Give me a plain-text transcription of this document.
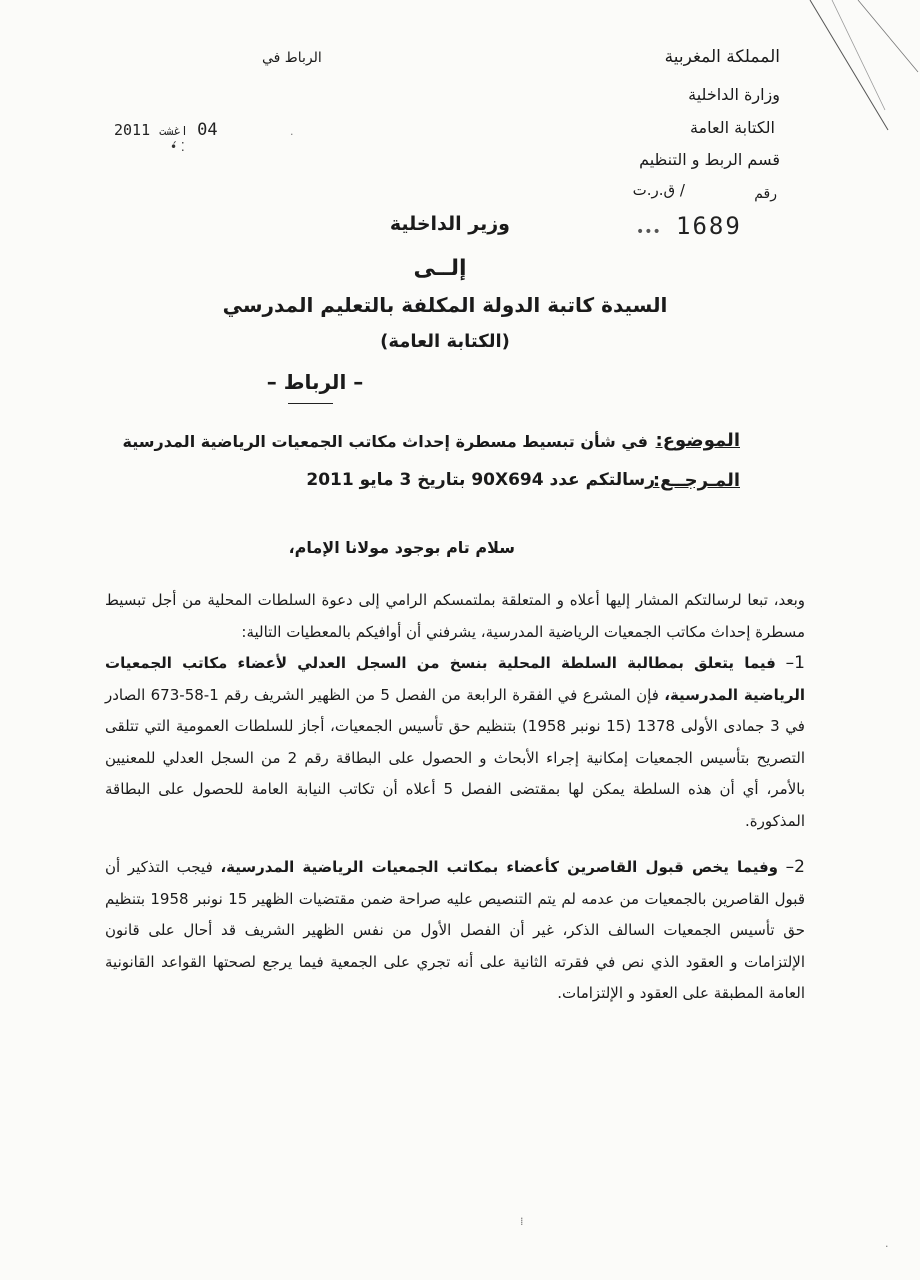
المملكة المغربية
وزارة الداخلية
الكتابة العامة
قسم الربط و التنظيم
رقم
/ ق.ر.ت
••• 1689
الرباط في
2011 اغشت 04
•́ ⁚
·
وزير الداخلية
إلــى
السيدة كاتبة الدولة المكلفة بالتعليم المدرسي
(الكتابة العامة)
– الرباط –
الموضوع:
في شأن تبسيط مسطرة إحداث مكاتب الجمعيات الرياضية المدرسية
المـرجــع:
رسالتكم عدد 90X694 بتاريخ 3 مايو 2011
سلام تام بوجود مولانا الإمام،
وبعد، تبعا لرسالتكم المشار إليها أعلاه و المتعلقة بملتمسكم الرامي إلى دعوة السلطات المحلية من أجل تبسيط مسطرة إحداث مكاتب الجمعيات الرياضية المدرسية، يشرفني أن أوافيكم بالمعطيات التالية:
1– فيما يتعلق بمطالبة السلطة المحلية بنسخ من السجل العدلي لأعضاء مكاتب الجمعيات الرياضية المدرسية، فإن المشرع في الفقرة الرابعة من الفصل 5 من الظهير الشريف رقم 1-58-673 الصادر في 3 جمادى الأولى 1378 (15 نونبر 1958) بتنظيم حق تأسيس الجمعيات، أجاز للسلطات العمومية التي تتلقى التصريح بتأسيس الجمعيات إمكانية إجراء الأبحاث و الحصول على البطاقة رقم 2 من السجل العدلي للمعنيين بالأمر، أي أن هذه السلطة يمكن لها بمقتضى الفصل 5 أعلاه أن تكاتب النيابة العامة للحصول على البطاقة المذكورة.
2– وفيما يخص قبول القاصرين كأعضاء بمكاتب الجمعيات الرياضية المدرسية، فيجب التذكير أن قبول القاصرين بالجمعيات من عدمه لم يتم التنصيص عليه صراحة ضمن مقتضيات الظهير 15 نونبر 1958 بتنظيم حق تأسيس الجمعيات السالف الذكر، غير أن الفصل الأول من نفس الظهير الشريف قد أحال على قانون الإلتزامات و العقود الذي نص في فقرته الثانية على أنه تجري على الجمعية فيما يرجع لصحتها القواعد القانونية العامة المطبقة على العقود و الإلتزامات.
⁞
·
